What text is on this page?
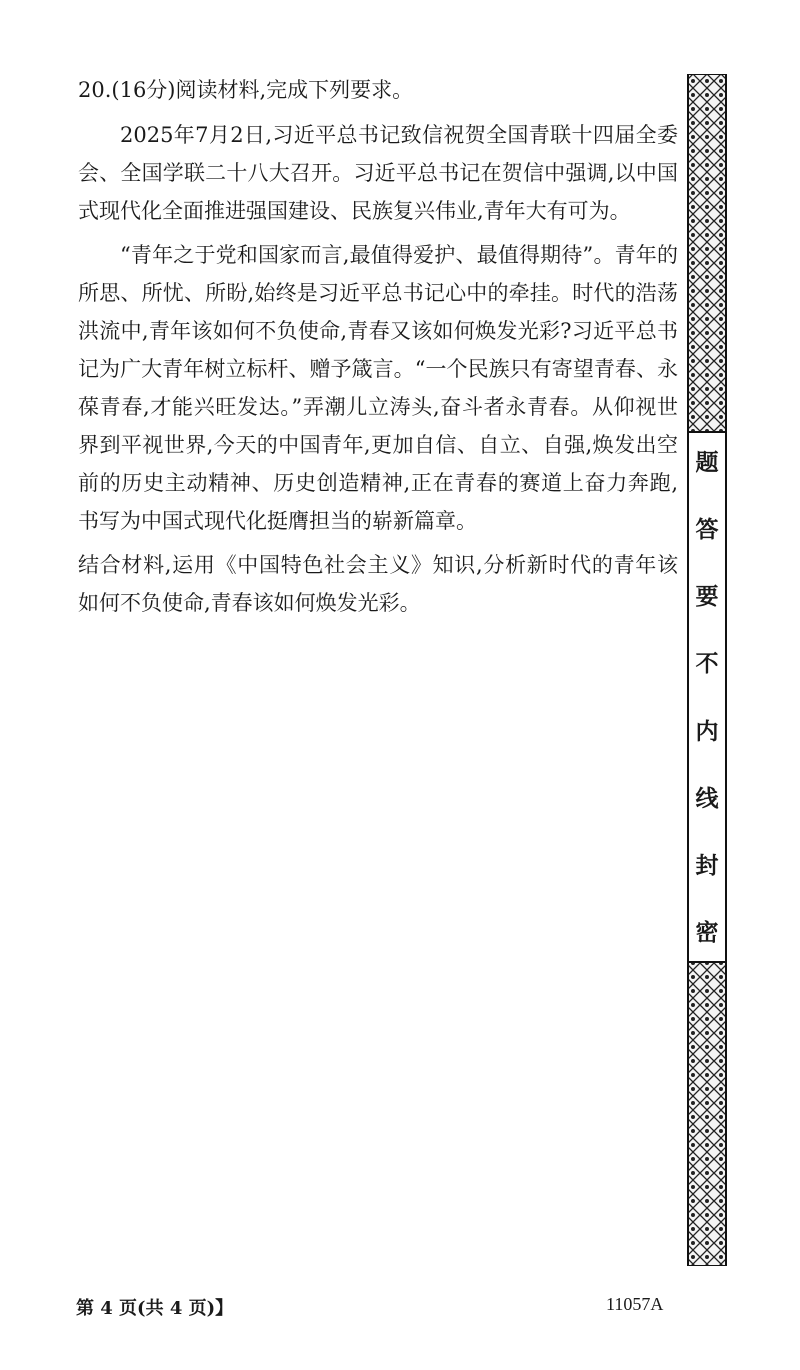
20.(16分)阅读材料,完成下列要求。

2025年7月2日,习近平总书记致信祝贺全国青联十四届全委会、全国学联二十八大召开。习近平总书记在贺信中强调,以中国式现代化全面推进强国建设、民族复兴伟业,青年大有可为。

“青年之于党和国家而言,最值得爱护、最值得期待”。青年的所思、所忧、所盼,始终是习近平总书记心中的牵挂。时代的浩荡洪流中,青年该如何不负使命,青春又该如何焕发光彩?习近平总书记为广大青年树立标杆、赠予箴言。“一个民族只有寄望青春、永葆青春,才能兴旺发达。”弄潮儿立涛头,奋斗者永青春。从仰视世界到平视世界,今天的中国青年,更加自信、自立、自强,焕发出空前的历史主动精神、历史创造精神,正在青春的赛道上奋力奔跑,书写为中国式现代化挺膺担当的崭新篇章。

结合材料,运用《中国特色社会主义》知识,分析新时代的青年该如何不负使命,青春该如何焕发光彩。

题
答
要
不
内
线
封
密
第 4 页(共 4 页)】	11057A
